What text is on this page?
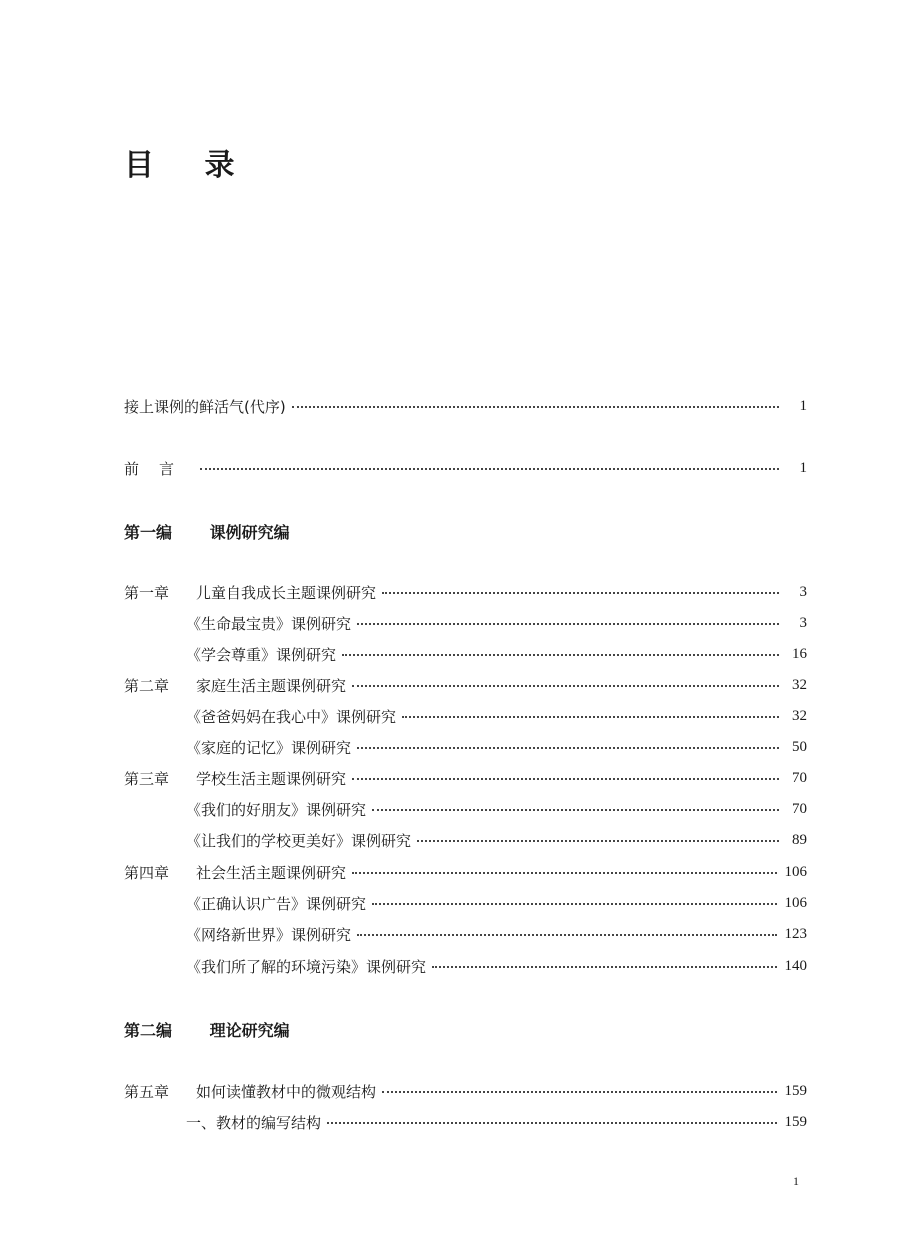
目 录
接上课例的鲜活气(代序)	1
前言	1
第一编 课例研究编
第一章	儿童自我成长主题课例研究	3
《生命最宝贵》课例研究	3
《学会尊重》课例研究	16
第二章	家庭生活主题课例研究	32
《爸爸妈妈在我心中》课例研究	32
《家庭的记忆》课例研究	50
第三章	学校生活主题课例研究	70
《我们的好朋友》课例研究	70
《让我们的学校更美好》课例研究	89
第四章	社会生活主题课例研究	106
《正确认识广告》课例研究	106
《网络新世界》课例研究	123
《我们所了解的环境污染》课例研究	140
第二编 理论研究编
第五章	如何读懂教材中的微观结构	159
一、教材的编写结构	159
1
